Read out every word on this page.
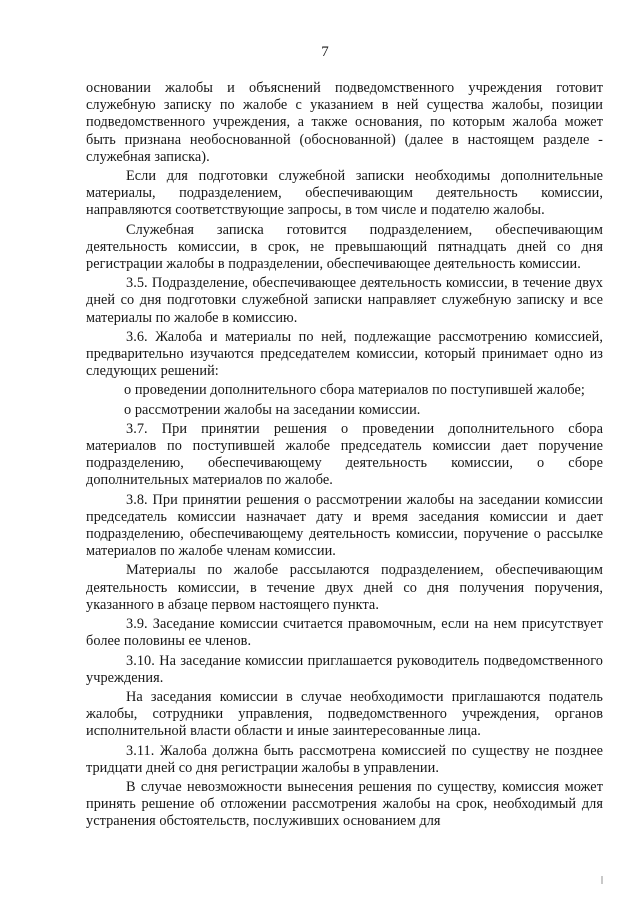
7

основании жалобы и объяснений подведомственного учреждения готовит служебную записку по жалобе с указанием в ней существа жалобы, позиции подведомственного учреждения, а также основания, по которым жалоба может быть признана необоснованной (обоснованной) (далее в настоящем разделе - служебная записка).

Если для подготовки служебной записки необходимы дополнительные материалы, подразделением, обеспечивающим деятельность комиссии, направляются соответствующие запросы, в том числе и подателю жалобы.

Служебная записка готовится подразделением, обеспечивающим деятельность комиссии, в срок, не превышающий пятнадцать дней со дня регистрации жалобы в подразделении, обеспечивающее деятельность комиссии.

3.5. Подразделение, обеспечивающее деятельность комиссии, в течение двух дней со дня подготовки служебной записки направляет служебную записку и все материалы по жалобе в комиссию.

3.6. Жалоба и материалы по ней, подлежащие рассмотрению комиссией, предварительно изучаются председателем комиссии, который принимает одно из следующих решений:

о проведении дополнительного сбора материалов по поступившей жалобе;

о рассмотрении жалобы на заседании комиссии.

3.7. При принятии решения о проведении дополнительного сбора материалов по поступившей жалобе председатель комиссии дает поручение подразделению, обеспечивающему деятельность комиссии, о сборе дополнительных материалов по жалобе.

3.8. При принятии решения о рассмотрении жалобы на заседании комиссии председатель комиссии назначает дату и время заседания комиссии и дает подразделению, обеспечивающему деятельность комиссии, поручение о рассылке материалов по жалобе членам комиссии.

Материалы по жалобе рассылаются подразделением, обеспечивающим деятельность комиссии, в течение двух дней со дня получения поручения, указанного в абзаце первом настоящего пункта.

3.9. Заседание комиссии считается правомочным, если на нем присутствует более половины ее членов.

3.10. На заседание комиссии приглашается руководитель подведомственного учреждения.

На заседания комиссии в случае необходимости приглашаются податель жалобы, сотрудники управления, подведомственного учреждения, органов исполнительной власти области и иные заинтересованные лица.

3.11. Жалоба должна быть рассмотрена комиссией по существу не позднее тридцати дней со дня регистрации жалобы в управлении.

В случае невозможности вынесения решения по существу, комиссия может принять решение об отложении рассмотрения жалобы на срок, необходимый для устранения обстоятельств, послуживших основанием для
